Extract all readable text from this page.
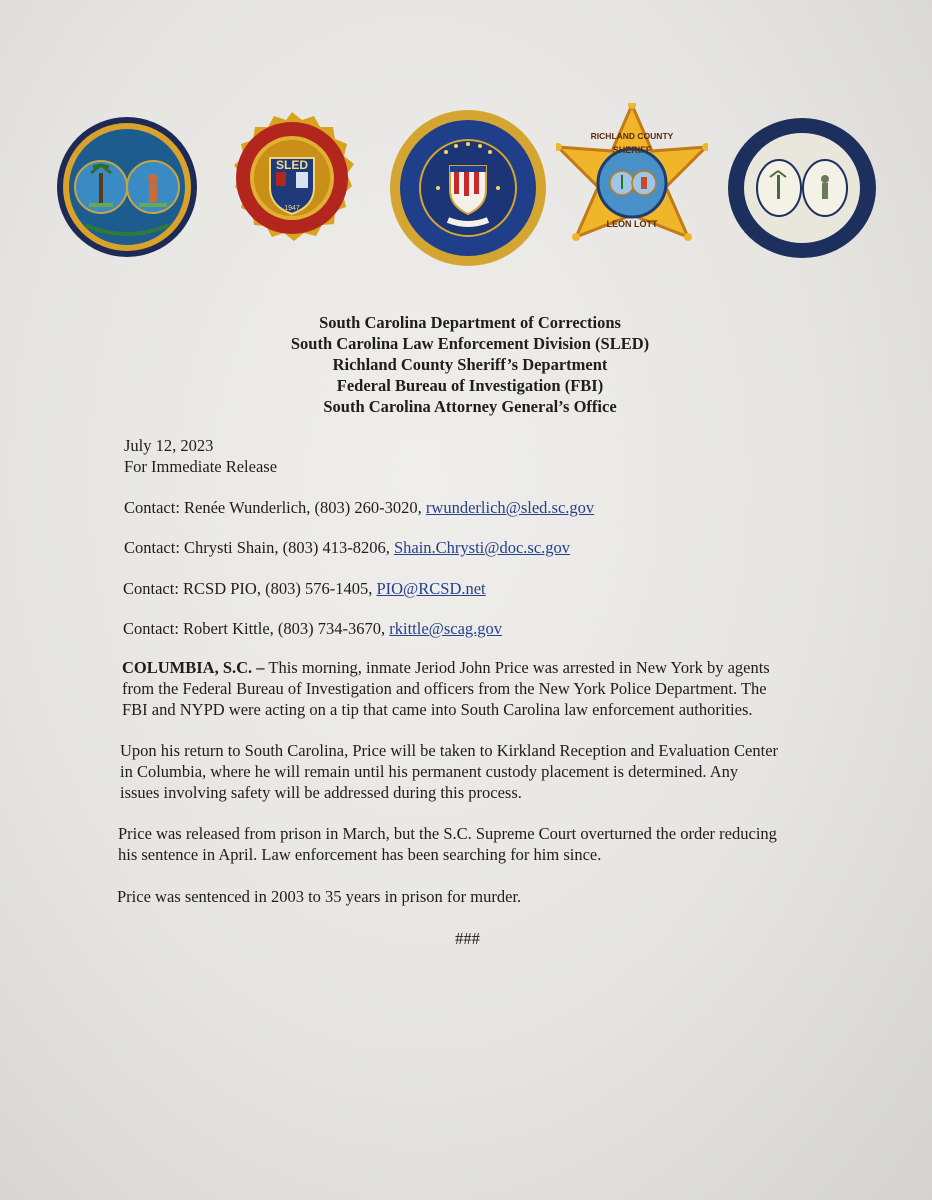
SLED
1947
RICHLAND COUNTY
SHERIFF
LEON LOTT
South Carolina Department of Corrections
South Carolina Law Enforcement Division (SLED)
Richland County Sheriff’s Department
Federal Bureau of Investigation (FBI)
South Carolina Attorney General’s Office
July 12, 2023
For Immediate Release
Contact: Renée Wunderlich, (803) 260-3020, rwunderlich@sled.sc.gov
Contact: Chrysti Shain, (803) 413-8206, Shain.Chrysti@doc.sc.gov
Contact: RCSD PIO, (803) 576-1405, PIO@RCSD.net
Contact: Robert Kittle, (803) 734-3670, rkittle@scag.gov
COLUMBIA, S.C. – This morning, inmate Jeriod John Price was arrested in New York by agents
from the Federal Bureau of Investigation and officers from the New York Police Department. The
FBI and NYPD were acting on a tip that came into South Carolina law enforcement authorities.
Upon his return to South Carolina, Price will be taken to Kirkland Reception and Evaluation Center
in Columbia, where he will remain until his permanent custody placement is determined. Any
issues involving safety will be addressed during this process.
Price was released from prison in March, but the S.C. Supreme Court overturned the order reducing
his sentence in April. Law enforcement has been searching for him since.
Price was sentenced in 2003 to 35 years in prison for murder.
###
